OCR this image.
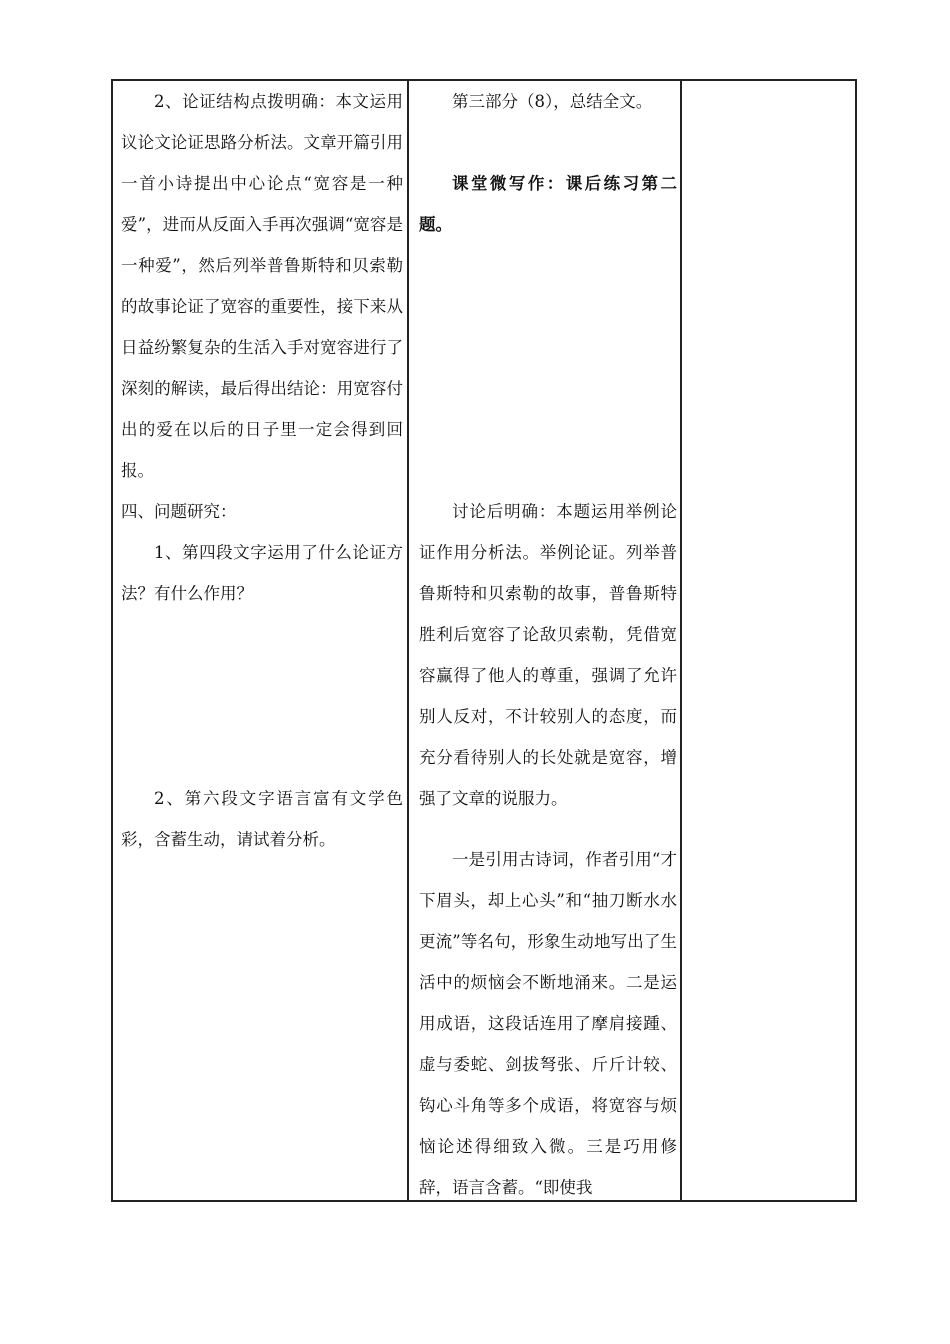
2、论证结构点拨明确：本文运用议论文论证思路分析法。文章开篇引用一首小诗提出中心论点“宽容是一种爱”，进而从反面入手再次强调“宽容是一种爱”，然后列举普鲁斯特和贝索勒的故事论证了宽容的重要性，接下来从日益纷繁复杂的生活入手对宽容进行了深刻的解读，最后得出结论：用宽容付出的爱在以后的日子里一定会得到回报。

四、问题研究：

1、第四段文字运用了什么论证方法？有什么作用？

2、第六段文字语言富有文学色彩，含蓄生动，请试着分析。

第三部分（8），总结全文。

课堂微写作：课后练习第二题。

讨论后明确：本题运用举例论证作用分析法。举例论证。列举普鲁斯特和贝索勒的故事，普鲁斯特胜利后宽容了论敌贝索勒，凭借宽容赢得了他人的尊重，强调了允许别人反对，不计较别人的态度，而充分看待别人的长处就是宽容，增强了文章的说服力。

一是引用古诗词，作者引用“才下眉头，却上心头”和“抽刀断水水更流”等名句，形象生动地写出了生活中的烦恼会不断地涌来。二是运用成语，这段话连用了摩肩接踵、虚与委蛇、剑拔弩张、斤斤计较、钩心斗角等多个成语，将宽容与烦恼论述得细致入微。三是巧用修辞，语言含蓄。“即使我
